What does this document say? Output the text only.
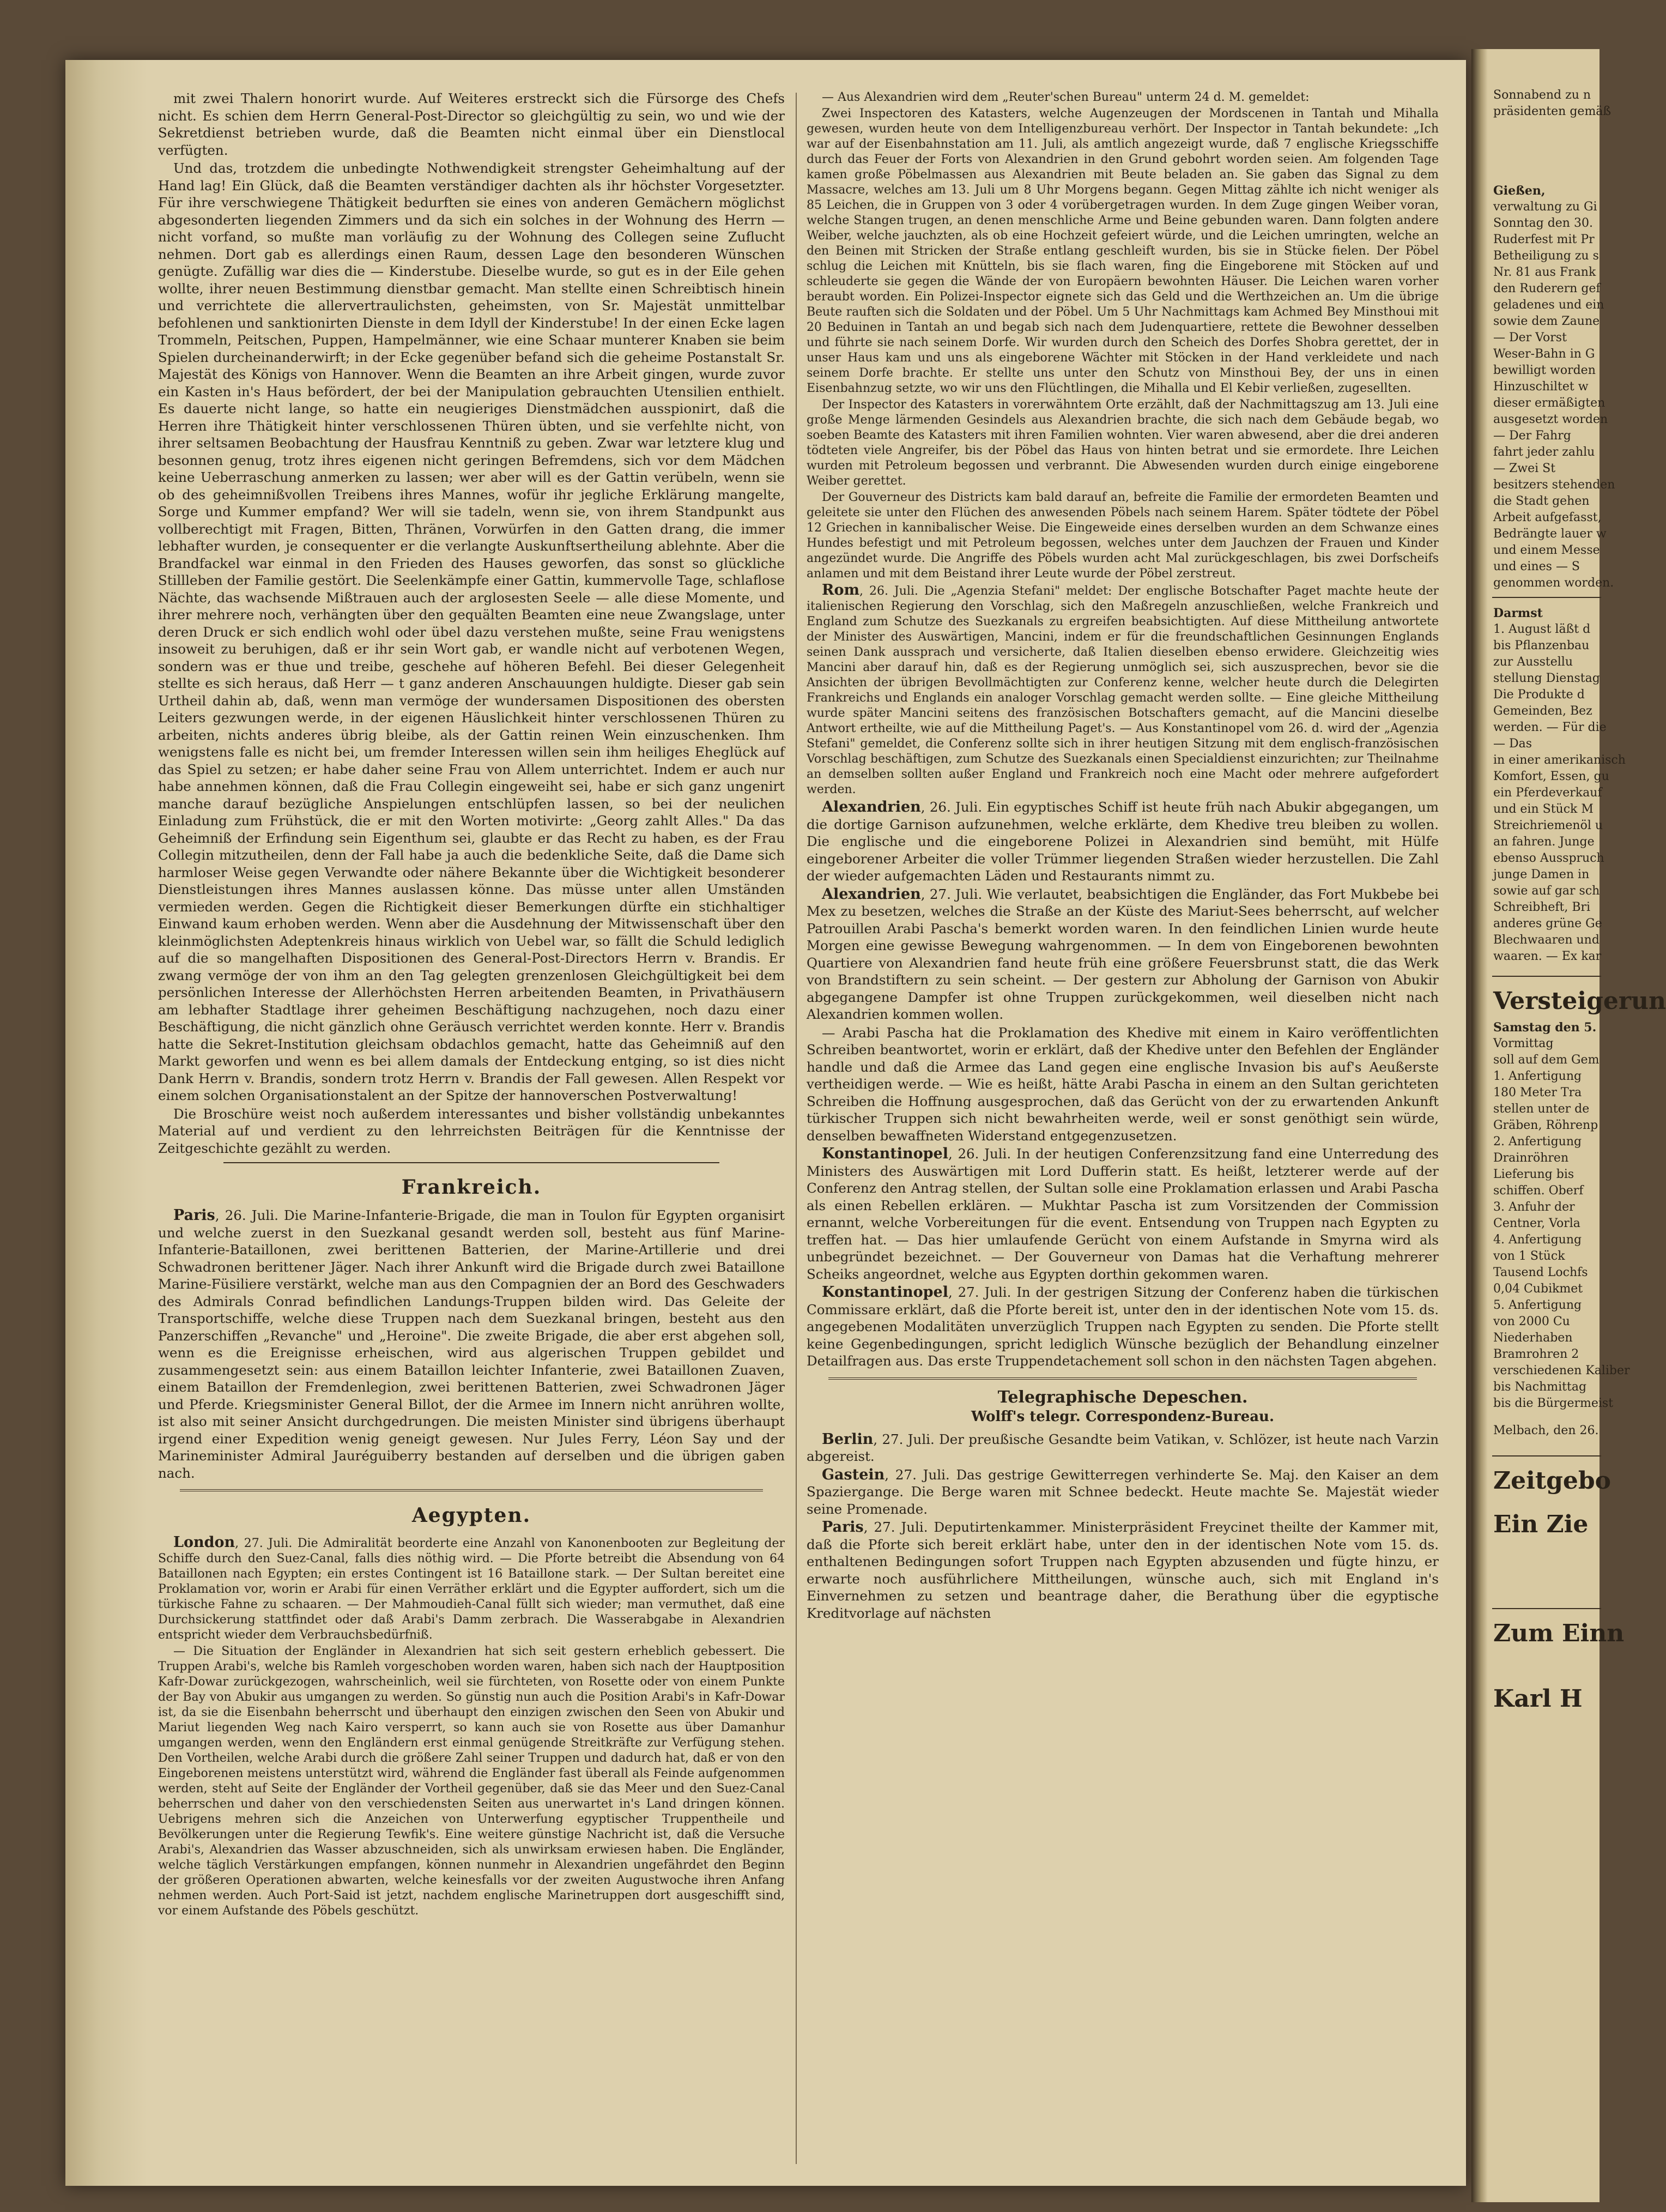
mit zwei Thalern honorirt wurde. Auf Weiteres erstreckt sich die Fürsorge des Chefs nicht. Es schien dem Herrn General-Post-Director so gleichgültig zu sein, wo und wie der Sekretdienst betrieben wurde, daß die Beamten nicht einmal über ein Dienstlocal verfügten.

Und das, trotzdem die unbedingte Nothwendigkeit strengster Geheimhaltung auf der Hand lag! Ein Glück, daß die Beamten verständiger dachten als ihr höchster Vorgesetzter. Für ihre verschwiegene Thätigkeit bedurften sie eines von anderen Gemächern möglichst abgesonderten liegenden Zimmers und da sich ein solches in der Wohnung des Herrn — nicht vorfand, so mußte man vorläufig zu der Wohnung des Collegen seine Zuflucht nehmen. Dort gab es allerdings einen Raum, dessen Lage den besonderen Wünschen genügte. Zufällig war dies die — Kinderstube. Dieselbe wurde, so gut es in der Eile gehen wollte, ihrer neuen Bestimmung dienstbar gemacht. Man stellte einen Schreibtisch hinein und verrichtete die allervertraulichsten, geheimsten, von Sr. Majestät unmittelbar befohlenen und sanktionirten Dienste in dem Idyll der Kinderstube! In der einen Ecke lagen Trommeln, Peitschen, Puppen, Hampelmänner, wie eine Schaar munterer Knaben sie beim Spielen durcheinanderwirft; in der Ecke gegenüber befand sich die geheime Postanstalt Sr. Majestät des Königs von Hannover. Wenn die Beamten an ihre Arbeit gingen, wurde zuvor ein Kasten in's Haus befördert, der bei der Manipulation gebrauchten Utensilien enthielt. Es dauerte nicht lange, so hatte ein neugieriges Dienstmädchen ausspionirt, daß die Herren ihre Thätigkeit hinter verschlossenen Thüren übten, und sie verfehlte nicht, von ihrer seltsamen Beobachtung der Hausfrau Kenntniß zu geben. Zwar war letztere klug und besonnen genug, trotz ihres eigenen nicht geringen Befremdens, sich vor dem Mädchen keine Ueberraschung anmerken zu lassen; wer aber will es der Gattin verübeln, wenn sie ob des geheimnißvollen Treibens ihres Mannes, wofür ihr jegliche Erklärung mangelte, Sorge und Kummer empfand? Wer will sie tadeln, wenn sie, von ihrem Standpunkt aus vollberechtigt mit Fragen, Bitten, Thränen, Vorwürfen in den Gatten drang, die immer lebhafter wurden, je consequenter er die verlangte Auskunftsertheilung ablehnte. Aber die Brandfackel war einmal in den Frieden des Hauses geworfen, das sonst so glückliche Stillleben der Familie gestört. Die Seelenkämpfe einer Gattin, kummervolle Tage, schlaflose Nächte, das wachsende Mißtrauen auch der arglosesten Seele — alle diese Momente, und ihrer mehrere noch, verhängten über den gequälten Beamten eine neue Zwangslage, unter deren Druck er sich endlich wohl oder übel dazu verstehen mußte, seine Frau wenigstens insoweit zu beruhigen, daß er ihr sein Wort gab, er wandle nicht auf verbotenen Wegen, sondern was er thue und treibe, geschehe auf höheren Befehl. Bei dieser Gelegenheit stellte es sich heraus, daß Herr — t ganz anderen Anschauungen huldigte. Dieser gab sein Urtheil dahin ab, daß, wenn man vermöge der wundersamen Dispositionen des obersten Leiters gezwungen werde, in der eigenen Häuslichkeit hinter verschlossenen Thüren zu arbeiten, nichts anderes übrig bleibe, als der Gattin reinen Wein einzuschenken. Ihm wenigstens falle es nicht bei, um fremder Interessen willen sein ihm heiliges Eheglück auf das Spiel zu setzen; er habe daher seine Frau von Allem unterrichtet. Indem er auch nur habe annehmen können, daß die Frau Collegin eingeweiht sei, habe er sich ganz ungenirt manche darauf bezügliche Anspielungen entschlüpfen lassen, so bei der neulichen Einladung zum Frühstück, die er mit den Worten motivirte: „Georg zahlt Alles." Da das Geheimniß der Erfindung sein Eigenthum sei, glaubte er das Recht zu haben, es der Frau Collegin mitzutheilen, denn der Fall habe ja auch die bedenkliche Seite, daß die Dame sich harmloser Weise gegen Verwandte oder nähere Bekannte über die Wichtigkeit besonderer Dienstleistungen ihres Mannes auslassen könne. Das müsse unter allen Umständen vermieden werden. Gegen die Richtigkeit dieser Bemerkungen dürfte ein stichhaltiger Einwand kaum erhoben werden. Wenn aber die Ausdehnung der Mitwissenschaft über den kleinmöglichsten Adeptenkreis hinaus wirklich von Uebel war, so fällt die Schuld lediglich auf die so mangelhaften Dispositionen des General-Post-Directors Herrn v. Brandis. Er zwang vermöge der von ihm an den Tag gelegten grenzenlosen Gleichgültigkeit bei dem persönlichen Interesse der Allerhöchsten Herren arbeitenden Beamten, in Privathäusern am lebhafter Stadtlage ihrer geheimen Beschäftigung nachzugehen, noch dazu einer Beschäftigung, die nicht gänzlich ohne Geräusch verrichtet werden konnte. Herr v. Brandis hatte die Sekret-Institution gleichsam obdachlos gemacht, hatte das Geheimniß auf den Markt geworfen und wenn es bei allem damals der Entdeckung entging, so ist dies nicht Dank Herrn v. Brandis, sondern trotz Herrn v. Brandis der Fall gewesen. Allen Respekt vor einem solchen Organisationstalent an der Spitze der hannoverschen Postverwaltung!

Die Broschüre weist noch außerdem interessantes und bisher vollständig unbekanntes Material auf und verdient zu den lehrreichsten Beiträgen für die Kenntnisse der Zeitgeschichte gezählt zu werden.

Frankreich.

Paris, 26. Juli. Die Marine-Infanterie-Brigade, die man in Toulon für Egypten organisirt und welche zuerst in den Suezkanal gesandt werden soll, besteht aus fünf Marine-Infanterie-Bataillonen, zwei berittenen Batterien, der Marine-Artillerie und drei Schwadronen berittener Jäger. Nach ihrer Ankunft wird die Brigade durch zwei Bataillone Marine-Füsiliere verstärkt, welche man aus den Compagnien der an Bord des Geschwaders des Admirals Conrad befindlichen Landungs-Truppen bilden wird. Das Geleite der Transportschiffe, welche diese Truppen nach dem Suezkanal bringen, besteht aus den Panzerschiffen „Revanche" und „Heroine". Die zweite Brigade, die aber erst abgehen soll, wenn es die Ereignisse erheischen, wird aus algerischen Truppen gebildet und zusammengesetzt sein: aus einem Bataillon leichter Infanterie, zwei Bataillonen Zuaven, einem Bataillon der Fremdenlegion, zwei berittenen Batterien, zwei Schwadronen Jäger und Pferde. Kriegsminister General Billot, der die Armee im Innern nicht anrühren wollte, ist also mit seiner Ansicht durchgedrungen. Die meisten Minister sind übrigens überhaupt irgend einer Expedition wenig geneigt gewesen. Nur Jules Ferry, Léon Say und der Marineminister Admiral Jauréguiberry bestanden auf derselben und die übrigen gaben nach.

Aegypten.

London, 27. Juli. Die Admiralität beorderte eine Anzahl von Kanonenbooten zur Begleitung der Schiffe durch den Suez-Canal, falls dies nöthig wird. — Die Pforte betreibt die Absendung von 64 Bataillonen nach Egypten; ein erstes Contingent ist 16 Bataillone stark. — Der Sultan bereitet eine Proklamation vor, worin er Arabi für einen Verräther erklärt und die Egypter auffordert, sich um die türkische Fahne zu schaaren. — Der Mahmoudieh-Canal füllt sich wieder; man vermuthet, daß eine Durchsickerung stattfindet oder daß Arabi's Damm zerbrach. Die Wasserabgabe in Alexandrien entspricht wieder dem Verbrauchsbedürfniß.

— Die Situation der Engländer in Alexandrien hat sich seit gestern erheblich gebessert. Die Truppen Arabi's, welche bis Ramleh vorgeschoben worden waren, haben sich nach der Hauptposition Kafr-Dowar zurückgezogen, wahrscheinlich, weil sie fürchteten, von Rosette oder von einem Punkte der Bay von Abukir aus umgangen zu werden. So günstig nun auch die Position Arabi's in Kafr-Dowar ist, da sie die Eisenbahn beherrscht und überhaupt den einzigen zwischen den Seen von Abukir und Mariut liegenden Weg nach Kairo versperrt, so kann auch sie von Rosette aus über Damanhur umgangen werden, wenn den Engländern erst einmal genügende Streitkräfte zur Verfügung stehen. Den Vortheilen, welche Arabi durch die größere Zahl seiner Truppen und dadurch hat, daß er von den Eingeborenen meistens unterstützt wird, während die Engländer fast überall als Feinde aufgenommen werden, steht auf Seite der Engländer der Vortheil gegenüber, daß sie das Meer und den Suez-Canal beherrschen und daher von den verschiedensten Seiten aus unerwartet in's Land dringen können. Uebrigens mehren sich die Anzeichen von Unterwerfung egyptischer Truppentheile und Bevölkerungen unter die Regierung Tewfik's. Eine weitere günstige Nachricht ist, daß die Versuche Arabi's, Alexandrien das Wasser abzuschneiden, sich als unwirksam erwiesen haben. Die Engländer, welche täglich Verstärkungen empfangen, können nunmehr in Alexandrien ungefährdet den Beginn der größeren Operationen abwarten, welche keinesfalls vor der zweiten Augustwoche ihren Anfang nehmen werden. Auch Port-Said ist jetzt, nachdem englische Marinetruppen dort ausgeschifft sind, vor einem Aufstande des Pöbels geschützt.

— Aus Alexandrien wird dem „Reuter'schen Bureau" unterm 24 d. M. gemeldet:

Zwei Inspectoren des Katasters, welche Augenzeugen der Mordscenen in Tantah und Mihalla gewesen, wurden heute von dem Intelligenzbureau verhört. Der Inspector in Tantah bekundete: „Ich war auf der Eisenbahnstation am 11. Juli, als amtlich angezeigt wurde, daß 7 englische Kriegsschiffe durch das Feuer der Forts von Alexandrien in den Grund gebohrt worden seien. Am folgenden Tage kamen große Pöbelmassen aus Alexandrien mit Beute beladen an. Sie gaben das Signal zu dem Massacre, welches am 13. Juli um 8 Uhr Morgens begann. Gegen Mittag zählte ich nicht weniger als 85 Leichen, die in Gruppen von 3 oder 4 vorübergetragen wurden. In dem Zuge gingen Weiber voran, welche Stangen trugen, an denen menschliche Arme und Beine gebunden waren. Dann folgten andere Weiber, welche jauchzten, als ob eine Hochzeit gefeiert würde, und die Leichen umringten, welche an den Beinen mit Stricken der Straße entlang geschleift wurden, bis sie in Stücke fielen. Der Pöbel schlug die Leichen mit Knütteln, bis sie flach waren, fing die Eingeborene mit Stöcken auf und schleuderte sie gegen die Wände der von Europäern bewohnten Häuser. Die Leichen waren vorher beraubt worden. Ein Polizei-Inspector eignete sich das Geld und die Werthzeichen an. Um die übrige Beute rauften sich die Soldaten und der Pöbel. Um 5 Uhr Nachmittags kam Achmed Bey Minsthoui mit 20 Beduinen in Tantah an und begab sich nach dem Judenquartiere, rettete die Bewohner desselben und führte sie nach seinem Dorfe. Wir wurden durch den Scheich des Dorfes Shobra gerettet, der in unser Haus kam und uns als eingeborene Wächter mit Stöcken in der Hand verkleidete und nach seinem Dorfe brachte. Er stellte uns unter den Schutz von Minsthoui Bey, der uns in einen Eisenbahnzug setzte, wo wir uns den Flüchtlingen, die Mihalla und El Kebir verließen, zugesellten.

Der Inspector des Katasters in vorerwähntem Orte erzählt, daß der Nachmittagszug am 13. Juli eine große Menge lärmenden Gesindels aus Alexandrien brachte, die sich nach dem Gebäude begab, wo soeben Beamte des Katasters mit ihren Familien wohnten. Vier waren abwesend, aber die drei anderen tödteten viele Angreifer, bis der Pöbel das Haus von hinten betrat und sie ermordete. Ihre Leichen wurden mit Petroleum begossen und verbrannt. Die Abwesenden wurden durch einige eingeborene Weiber gerettet.

Der Gouverneur des Districts kam bald darauf an, befreite die Familie der ermordeten Beamten und geleitete sie unter den Flüchen des anwesenden Pöbels nach seinem Harem. Später tödtete der Pöbel 12 Griechen in kannibalischer Weise. Die Eingeweide eines derselben wurden an dem Schwanze eines Hundes befestigt und mit Petroleum begossen, welches unter dem Jauchzen der Frauen und Kinder angezündet wurde. Die Angriffe des Pöbels wurden acht Mal zurückgeschlagen, bis zwei Dorfscheifs anlamen und mit dem Beistand ihrer Leute wurde der Pöbel zerstreut.

Rom, 26. Juli. Die „Agenzia Stefani" meldet: Der englische Botschafter Paget machte heute der italienischen Regierung den Vorschlag, sich den Maßregeln anzuschließen, welche Frankreich und England zum Schutze des Suezkanals zu ergreifen beabsichtigten. Auf diese Mittheilung antwortete der Minister des Auswärtigen, Mancini, indem er für die freundschaftlichen Gesinnungen Englands seinen Dank aussprach und versicherte, daß Italien dieselben ebenso erwidere. Gleichzeitig wies Mancini aber darauf hin, daß es der Regierung unmöglich sei, sich auszusprechen, bevor sie die Ansichten der übrigen Bevollmächtigten zur Conferenz kenne, welcher heute durch die Delegirten Frankreichs und Englands ein analoger Vorschlag gemacht werden sollte. — Eine gleiche Mittheilung wurde später Mancini seitens des französischen Botschafters gemacht, auf die Mancini dieselbe Antwort ertheilte, wie auf die Mittheilung Paget's. — Aus Konstantinopel vom 26. d. wird der „Agenzia Stefani" gemeldet, die Conferenz sollte sich in ihrer heutigen Sitzung mit dem englisch-französischen Vorschlag beschäftigen, zum Schutze des Suezkanals einen Specialdienst einzurichten; zur Theilnahme an demselben sollten außer England und Frankreich noch eine Macht oder mehrere aufgefordert werden.

Alexandrien, 26. Juli. Ein egyptisches Schiff ist heute früh nach Abukir abgegangen, um die dortige Garnison aufzunehmen, welche erklärte, dem Khedive treu bleiben zu wollen. Die englische und die eingeborene Polizei in Alexandrien sind bemüht, mit Hülfe eingeborener Arbeiter die voller Trümmer liegenden Straßen wieder herzustellen. Die Zahl der wieder aufgemachten Läden und Restaurants nimmt zu.

Alexandrien, 27. Juli. Wie verlautet, beabsichtigen die Engländer, das Fort Mukbebe bei Mex zu besetzen, welches die Straße an der Küste des Mariut-Sees beherrscht, auf welcher Patrouillen Arabi Pascha's bemerkt worden waren. In den feindlichen Linien wurde heute Morgen eine gewisse Bewegung wahrgenommen. — In dem von Eingeborenen bewohnten Quartiere von Alexandrien fand heute früh eine größere Feuersbrunst statt, die das Werk von Brandstiftern zu sein scheint. — Der gestern zur Abholung der Garnison von Abukir abgegangene Dampfer ist ohne Truppen zurückgekommen, weil dieselben nicht nach Alexandrien kommen wollen.

— Arabi Pascha hat die Proklamation des Khedive mit einem in Kairo veröffentlichten Schreiben beantwortet, worin er erklärt, daß der Khedive unter den Befehlen der Engländer handle und daß die Armee das Land gegen eine englische Invasion bis auf's Aeußerste vertheidigen werde. — Wie es heißt, hätte Arabi Pascha in einem an den Sultan gerichteten Schreiben die Hoffnung ausgesprochen, daß das Gerücht von der zu erwartenden Ankunft türkischer Truppen sich nicht bewahrheiten werde, weil er sonst genöthigt sein würde, denselben bewaffneten Widerstand entgegenzusetzen.

Konstantinopel, 26. Juli. In der heutigen Conferenzsitzung fand eine Unterredung des Ministers des Auswärtigen mit Lord Dufferin statt. Es heißt, letzterer werde auf der Conferenz den Antrag stellen, der Sultan solle eine Proklamation erlassen und Arabi Pascha als einen Rebellen erklären. — Mukhtar Pascha ist zum Vorsitzenden der Commission ernannt, welche Vorbereitungen für die event. Entsendung von Truppen nach Egypten zu treffen hat. — Das hier umlaufende Gerücht von einem Aufstande in Smyrna wird als unbegründet bezeichnet. — Der Gouverneur von Damas hat die Verhaftung mehrerer Scheiks angeordnet, welche aus Egypten dorthin gekommen waren.

Konstantinopel, 27. Juli. In der gestrigen Sitzung der Conferenz haben die türkischen Commissare erklärt, daß die Pforte bereit ist, unter den in der identischen Note vom 15. ds. angegebenen Modalitäten unverzüglich Truppen nach Egypten zu senden. Die Pforte stellt keine Gegenbedingungen, spricht lediglich Wünsche bezüglich der Behandlung einzelner Detailfragen aus. Das erste Truppendetachement soll schon in den nächsten Tagen abgehen.

Telegraphische Depeschen.
Wolff's telegr. Correspondenz-Bureau.

Berlin, 27. Juli. Der preußische Gesandte beim Vatikan, v. Schlözer, ist heute nach Varzin abgereist.

Gastein, 27. Juli. Das gestrige Gewitterregen verhinderte Se. Maj. den Kaiser an dem Spaziergange. Die Berge waren mit Schnee bedeckt. Heute machte Se. Majestät wieder seine Promenade.

Paris, 27. Juli. Deputirtenkammer. Ministerpräsident Freycinet theilte der Kammer mit, daß die Pforte sich bereit erklärt habe, unter den in der identischen Note vom 15. ds. enthaltenen Bedingungen sofort Truppen nach Egypten abzusenden und fügte hinzu, er erwarte noch ausführlichere Mittheilungen, wünsche auch, sich mit England in's Einvernehmen zu setzen und beantrage daher, die Berathung über die egyptische Kreditvorlage auf nächsten

Sonnabend zu n
präsidenten gemäß
Gießen,
verwaltung zu Gi
Sonntag den 30.
Ruderfest mit Pr
Betheiligung zu s
Nr. 81 aus Frank
den Ruderern gef
geladenes und ein
sowie dem Zaune
— Der Vorst
Weser-Bahn in G
bewilligt worden
Hinzuschiltet w
dieser ermäßigten
ausgesetzt worden
— Der Fahrg
fahrt jeder zahlu
— Zwei St
besitzers stehenden
die Stadt gehen
Arbeit aufgefasst,
Bedrängte lauer w
und einem Messe
und eines — S
genommen worden.
Darmst
1. August läßt d
bis Pflanzenbau
zur Ausstellu
stellung Dienstag
Die Produkte d
Gemeinden, Bez
werden. — Für die
— Das
in einer amerikanisch
Komfort, Essen, gu
ein Pferdeverkauf
und ein Stück M
Streichriemenöl u
an fahren. Junge
ebenso Ausspruch
junge Damen in
sowie auf gar sch
Schreibheft, Bri
anderes grüne Ge
Blechwaaren und
waaren. — Ex kar
Versteigerun
Samstag den 5.
Vormittag
soll auf dem Gem
1. Anfertigung
180 Meter Tra
stellen unter de
Gräben, Röhrenp
2. Anfertigung
Drainröhren
Lieferung bis
schiffen. Oberf
3. Anfuhr der
Centner, Vorla
4. Anfertigung
von 1 Stück
Tausend Lochfs
0,04 Cubikmet
5. Anfertigung
von 2000 Cu
Niederhaben
Bramrohren 2
verschiedenen Kaliber
bis Nachmittag
bis die Bürgermeist
Melbach, den 26.
Zeitgebo
Ein Zie
Zum Einn
Karl H
